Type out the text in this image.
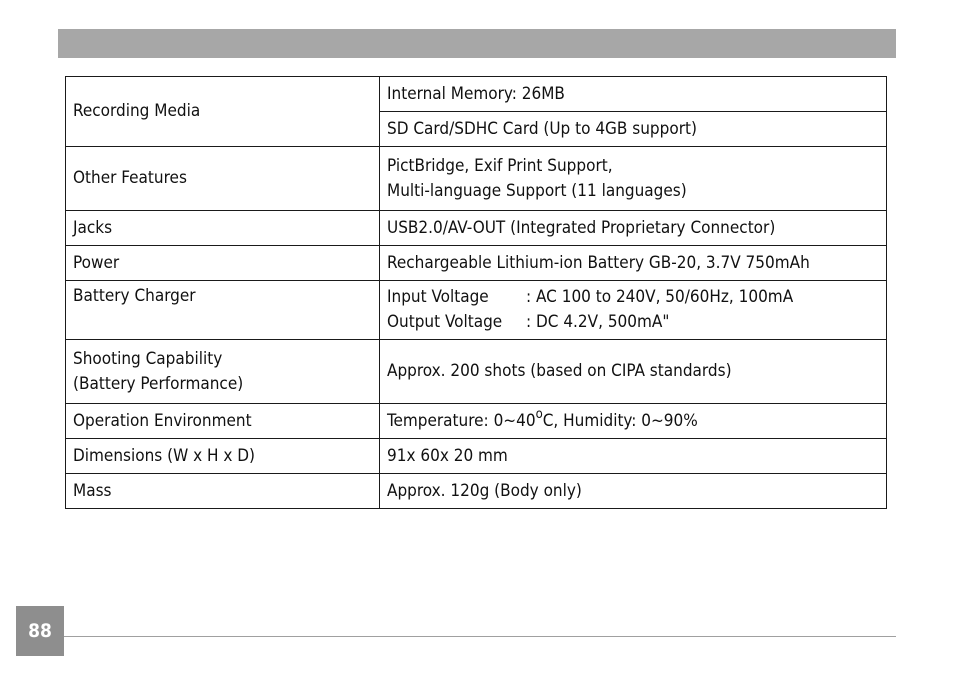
Recording Media	Internal Memory: 26MB
	SD Card/SDHC Card (Up to 4GB support)
Other Features	PictBridge, Exif Print Support,
Multi-language Support (11 languages)

Jacks	USB2.0/AV-OUT (Integrated Proprietary Connector)
Power	Rechargeable Lithium-ion Battery GB-20, 3.7V 750mAh
Battery Charger	Input Voltage : AC 100 to 240V, 50/60Hz, 100mA
Output Voltage : DC 4.2V, 500mA"

Shooting Capability
(Battery Performance)	Approx. 200 shots (based on CIPA standards)
Operation Environment	Temperature: 0~40$^o$C, Humidity: 0~90%
Dimensions (W x H x D)	91x 60x 20 mm
Mass	Approx. 120g (Body only)
88
